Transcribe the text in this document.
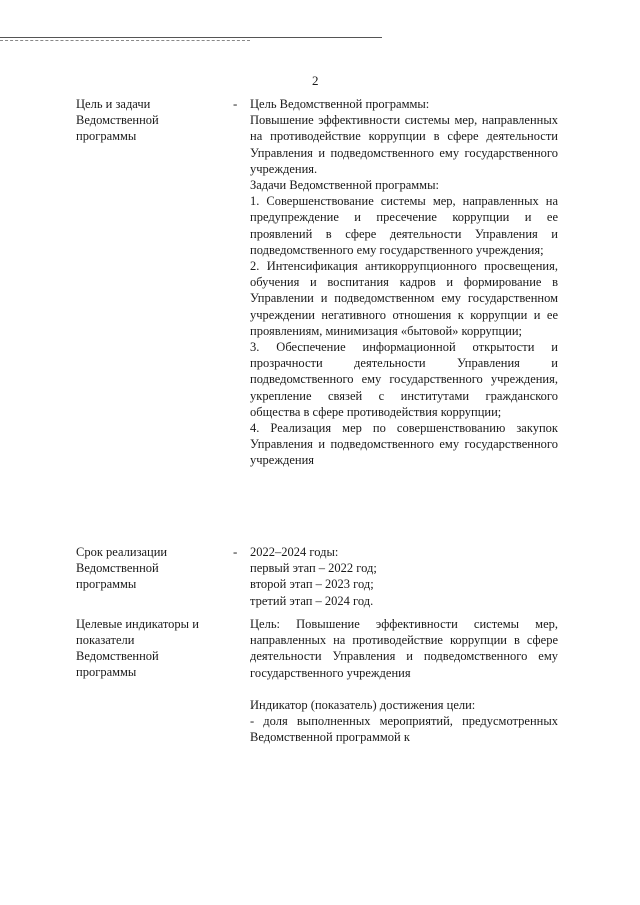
2
Цель и задачи
Ведомственной
программы
- Цель Ведомственной программы:

Повышение эффективности системы мер, направленных на противодействие коррупции в сфере деятельности Управления и подведомственного ему государственного учреждения.

Задачи Ведомственной программы:

1. Совершенствование системы мер, направленных на предупреждение и пресечение коррупции и ее проявлений в сфере деятельности Управления и подведомственного ему государственного учреждения;

2. Интенсификация антикоррупционного просвещения, обучения и воспитания кадров и формирование в Управлении и подведомственном ему государственном учреждении негативного отношения к коррупции и ее проявлениям, минимизация «бытовой» коррупции;

3. Обеспечение информационной открытости и прозрачности деятельности Управления и подведомственного ему государственного учреждения, укрепление связей с институтами гражданского общества в сфере противодействия коррупции;

4. Реализация мер по совершенствованию закупок Управления и подведомственного ему государственного учреждения

Срок реализации
Ведомственной
программы
- 2022–2024 годы:

первый этап – 2022 год;

второй этап – 2023 год;

третий этап – 2024 год.

Целевые индикаторы и
показатели
Ведомственной
программы

Цель: Повышение эффективности системы мер, направленных на противодействие коррупции в сфере деятельности Управления и подведомственного ему государственного учреждения

Индикатор (показатель) достижения цели:

- доля выполненных мероприятий, предусмотренных Ведомственной программой к
